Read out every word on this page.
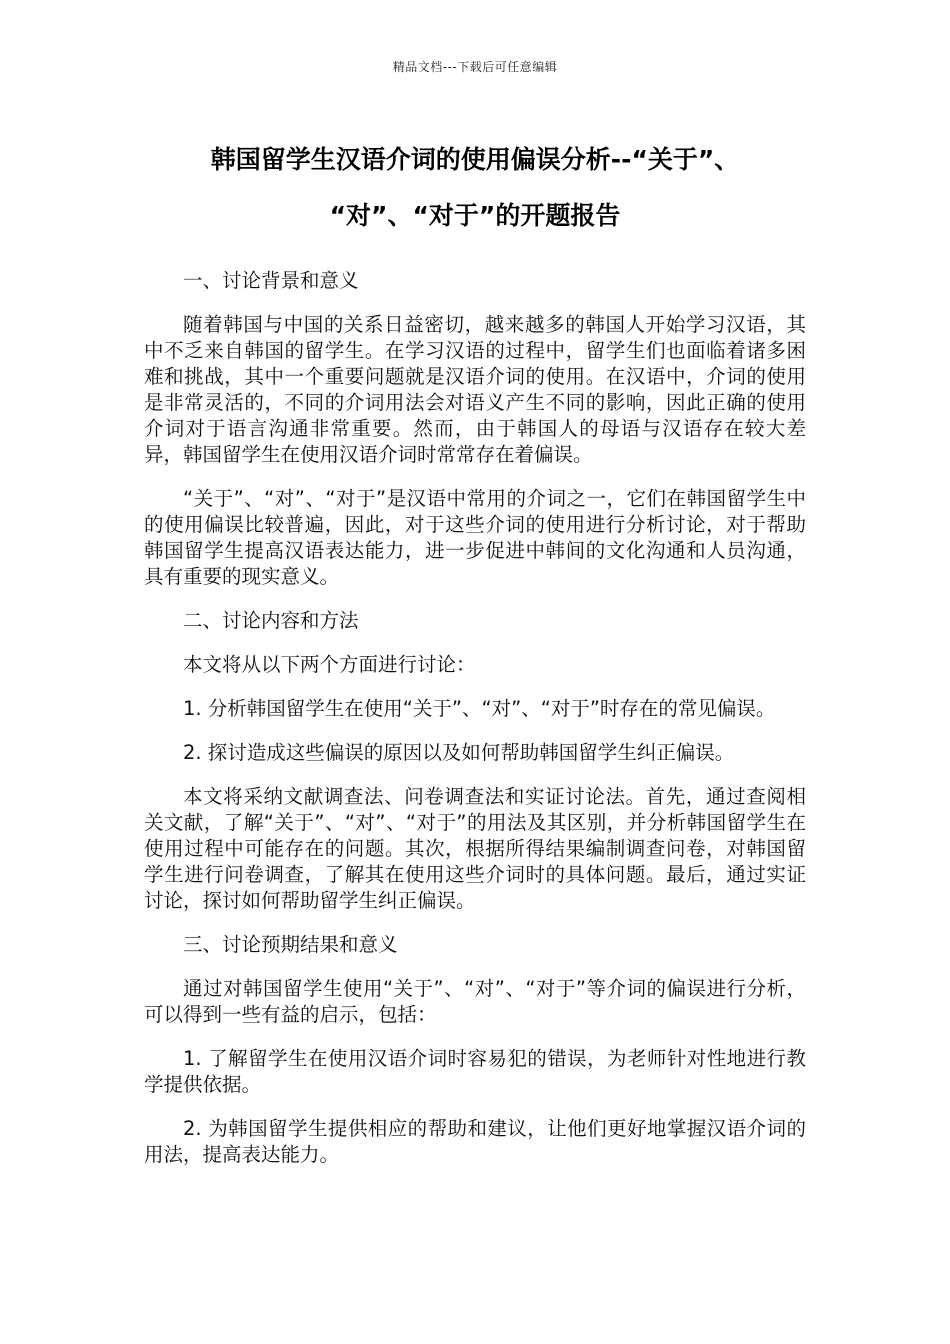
精品文档---下载后可任意编辑
韩国留学生汉语介词的使用偏误分析--“关于”、
“对”、“对于”的开题报告

一、讨论背景和意义

随着韩国与中国的关系日益密切，越来越多的韩国人开始学习汉语，其中不乏来自韩国的留学生。在学习汉语的过程中，留学生们也面临着诸多困难和挑战，其中一个重要问题就是汉语介词的使用。在汉语中，介词的使用是非常灵活的，不同的介词用法会对语义产生不同的影响，因此正确的使用介词对于语言沟通非常重要。然而，由于韩国人的母语与汉语存在较大差异，韩国留学生在使用汉语介词时常常存在着偏误。

“关于”、“对”、“对于”是汉语中常用的介词之一，它们在韩国留学生中的使用偏误比较普遍，因此，对于这些介词的使用进行分析讨论，对于帮助韩国留学生提高汉语表达能力，进一步促进中韩间的文化沟通和人员沟通，具有重要的现实意义。

二、讨论内容和方法

本文将从以下两个方面进行讨论：

1. 分析韩国留学生在使用“关于”、“对”、“对于”时存在的常见偏误。

2. 探讨造成这些偏误的原因以及如何帮助韩国留学生纠正偏误。

本文将采纳文献调查法、问卷调查法和实证讨论法。首先，通过查阅相关文献，了解“关于”、“对”、“对于”的用法及其区别，并分析韩国留学生在使用过程中可能存在的问题。其次，根据所得结果编制调查问卷，对韩国留学生进行问卷调查，了解其在使用这些介词时的具体问题。最后，通过实证讨论，探讨如何帮助留学生纠正偏误。

三、讨论预期结果和意义

通过对韩国留学生使用“关于”、“对”、“对于”等介词的偏误进行分析，可以得到一些有益的启示，包括：

1. 了解留学生在使用汉语介词时容易犯的错误，为老师针对性地进行教学提供依据。

2. 为韩国留学生提供相应的帮助和建议，让他们更好地掌握汉语介词的用法，提高表达能力。
